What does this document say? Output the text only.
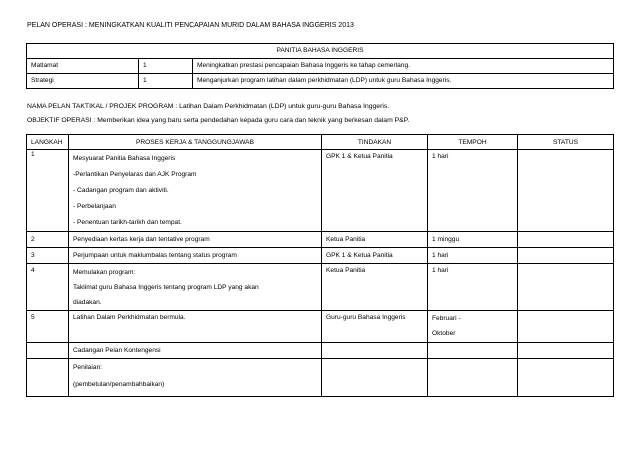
PELAN OPERASI : MENINGKATKAN KUALITI PENCAPAIAN MURID DALAM BAHASA INGGERIS 2013
PANITIA BAHASA INGGERIS		
Matlamat	1	Meningkatkan prestasi pencapaian Bahasa Inggeris ke tahap cemerlang.
Strategi	1	Menganjurkan program latihan dalam perkhidmatan (LDP) untuk guru Bahasa Inggeris.
NAMA PELAN TAKTIKAL / PROJEK PROGRAM : Latihan Dalam Perkhidmatan (LDP) untuk guru-guru Bahasa Inggeris.
OBJEKTIF OPERASI : Memberikan idea yang baru serta pendedahan kepada guru cara dan teknik yang berkesan dalam P&P.
LANGKAH	PROSES KERJA & TANGGUNGJAWAB	TINDAKAN	TEMPOH	STATUS
1	Mesyuarat Panitia Bahasa Inggeris

-Perlantikan Penyelaras dan AJK Program

- Cadangan program dan aktiviti.

- Perbelanjaan

- Penentuan tarikh-tarikh dan tempat.	GPK 1 & Ketua Panitia	1 hari	
2	Penyediaan kertas kerja dan tentative program	Ketua Panitia	1 minggu	
3	Perjumpaan untuk maklumbalas tentang status program	GPK 1 & Ketua Panitia	1 hari	
4	Memulakan program:

Taklimat guru Bahasa Inggeris tentang program LDP yang akan

diadakan.	Ketua Panitia	1 hari	
5	Latihan Dalam Perkhidmatan bermula.	Guru-guru Bahasa Inggeris	Februari -

Oktober	

	Cadangan Pelan Kontengensi			

	Penilaian:

(pembetulan/penambahbaikan)			
